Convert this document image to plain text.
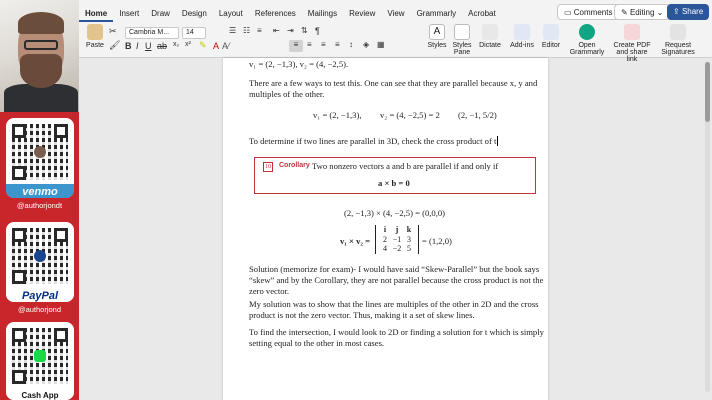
venmo
@authorjondt
PayPal
@authorjond
Cash App
Home	Insert	Draw	Design	Layout	References	Mailings	Review	View	Grammarly	Acrobat	▭ Comments	✎ Editing ⌄	⇪ Share
Paste
✂
🖌
Cambria M...	14
B I U ab x₂ x² ✎ A A⁄
☰ ☷ ≡ ⇤ ⇥ ⇅ ¶
≡	≡ ≡ ≡ ↕ ◈ ▦
A
Styles Styles Pane
Dictate	Add-ins	Editor	Open Grammarly
Create PDF and share link
Request Signatures
v₁ = (2, −1,3), v₂ = (4, −2,5).
There are a few ways to test this. One can see that they are parallel because x, y and multiples of the other.
v₁ = (2, −1,3), v₂ = (4, −2,5) = 2 (2, −1, 5/2)
To determine if two lines are parallel in 3D, check the cross product of t
10 Corollary Two nonzero vectors a and b are parallel if and only if
a × b = 0
(2, −1,3) × (4, −2,5) = (0,0,0)
v₁ × v₂ =
i	j	k
2 −1 3
4 −2 5
= (1,2,0)
Solution (memorize for exam)- I would have said “Skew-Parallel” but the book says “skew” and by the Corollary, they are not parallel because the cross product is not the zero vector.
My solution was to show that the lines are multiples of the other in 2D and the cross product is not the zero vector. Thus, making it a set of skew lines.
To find the intersection, I would look to 2D or finding a solution for t which is simply setting equal to the other in most cases.
